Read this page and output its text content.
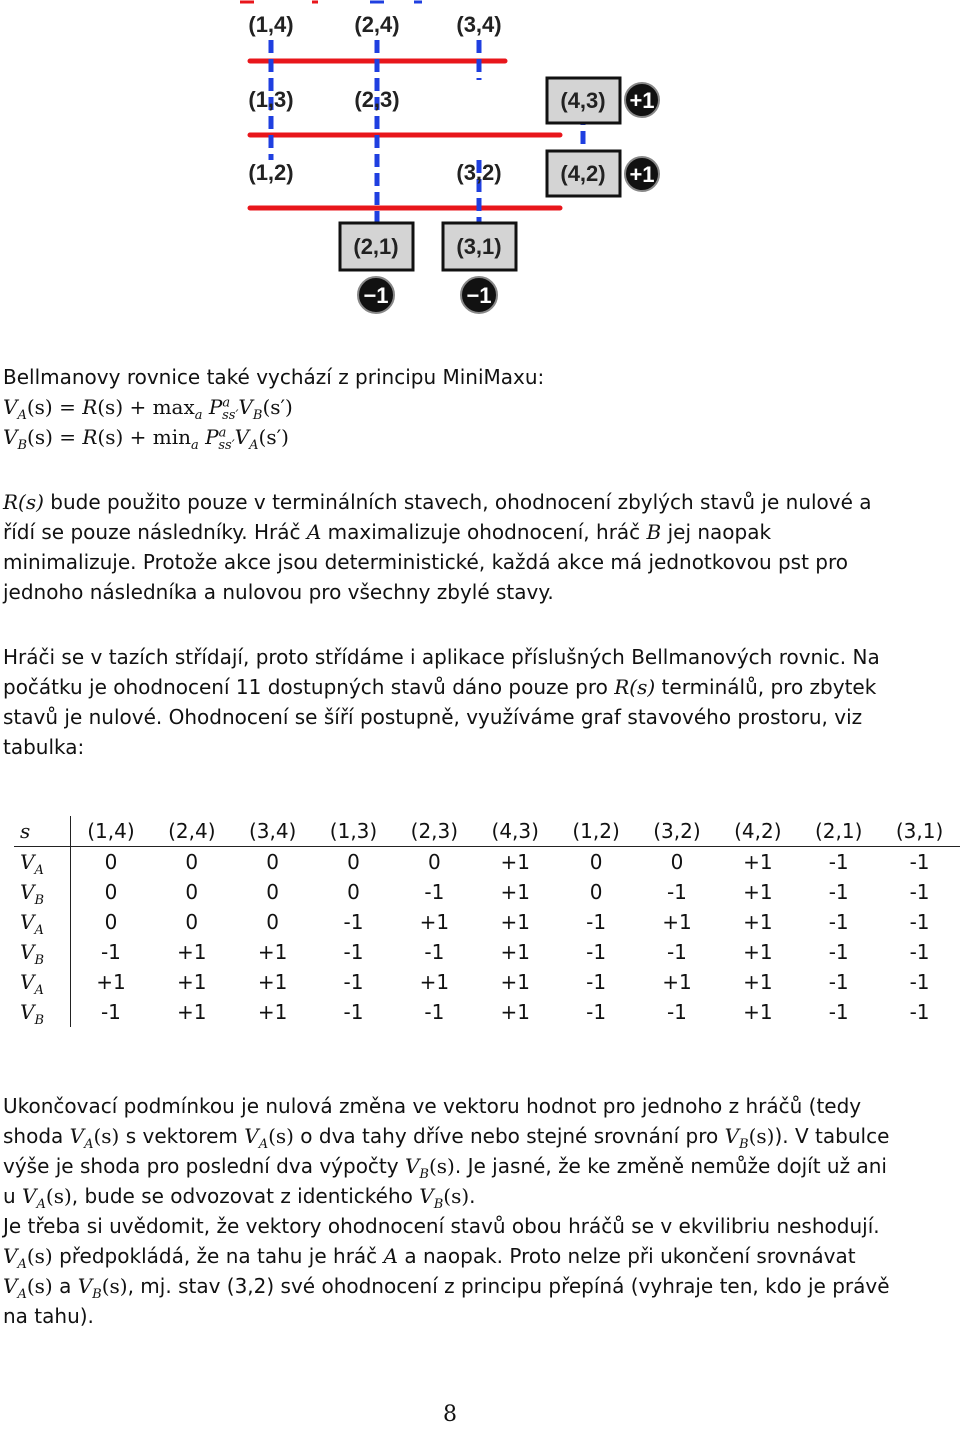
(1,4)	(2,4)	(3,4)
(1,3)	(2,3)	(4,3)
(1,2)	(3,2)	(4,2)
(2,1)	(3,1)
+1
+1
−1	−1

Bellmanovy rovnice také vychází z principu MiniMaxu:
$V_A(s) = R(s) + \max_a P^a_{ss'}V_B(s')$
$V_B(s) = R(s) + \min_a P^a_{ss'}V_A(s')$

R(s) bude použito pouze v terminálních stavech, ohodnocení zbylých stavů je nulové a řídí se pouze následníky. Hráč A maximalizuje ohodnocení, hráč B jej naopak minimalizuje. Protože akce jsou deterministické, každá akce má jednotkovou pst pro jednoho následníka a nulovou pro všechny zbylé stavy.

Hráči se v tazích střídají, proto střídáme i aplikace příslušných Bellmanových rovnic. Na počátku je ohodnocení 11 dostupných stavů dáno pouze pro R(s) terminálů, pro zbytek stavů je nulové. Ohodnocení se šíří postupně, využíváme graf stavového prostoru, viz tabulka:

s	(1,4)	(2,4)	(3,4)	(1,3)	(2,3)	(4,3)	(1,2)	(3,2)	(4,2)	(2,1)	(3,1)
$V_A$	0	0	0	0	0	+1	0	0	+1	-1	-1
$V_B$	0	0	0	0	-1	+1	0	-1	+1	-1	-1
$V_A$	0	0	0	-1	+1	+1	-1	+1	+1	-1	-1
$V_B$	-1	+1	+1	-1	-1	+1	-1	-1	+1	-1	-1
$V_A$	+1	+1	+1	-1	+1	+1	-1	+1	+1	-1	-1
$V_B$	-1	+1	+1	-1	-1	+1	-1	-1	+1	-1	-1

Ukončovací podmínkou je nulová změna ve vektoru hodnot pro jednoho z hráčů (tedy shoda $V_A(s)$ s vektorem $V_A(s)$ o dva tahy dříve nebo stejné srovnání pro $V_B(s)$). V tabulce výše je shoda pro poslední dva výpočty $V_B(s)$. Je jasné, že ke změně nemůže dojít už ani u $V_A(s)$, bude se odvozovat z identického $V_B(s)$.

Je třeba si uvědomit, že vektory ohodnocení stavů obou hráčů se v ekvilibriu neshodují. $V_A(s)$ předpokládá, že na tahu je hráč A a naopak. Proto nelze při ukončení srovnávat $V_A(s)$ a $V_B(s)$, mj. stav (3,2) své ohodnocení z principu přepíná (vyhraje ten, kdo je právě na tahu).

8
